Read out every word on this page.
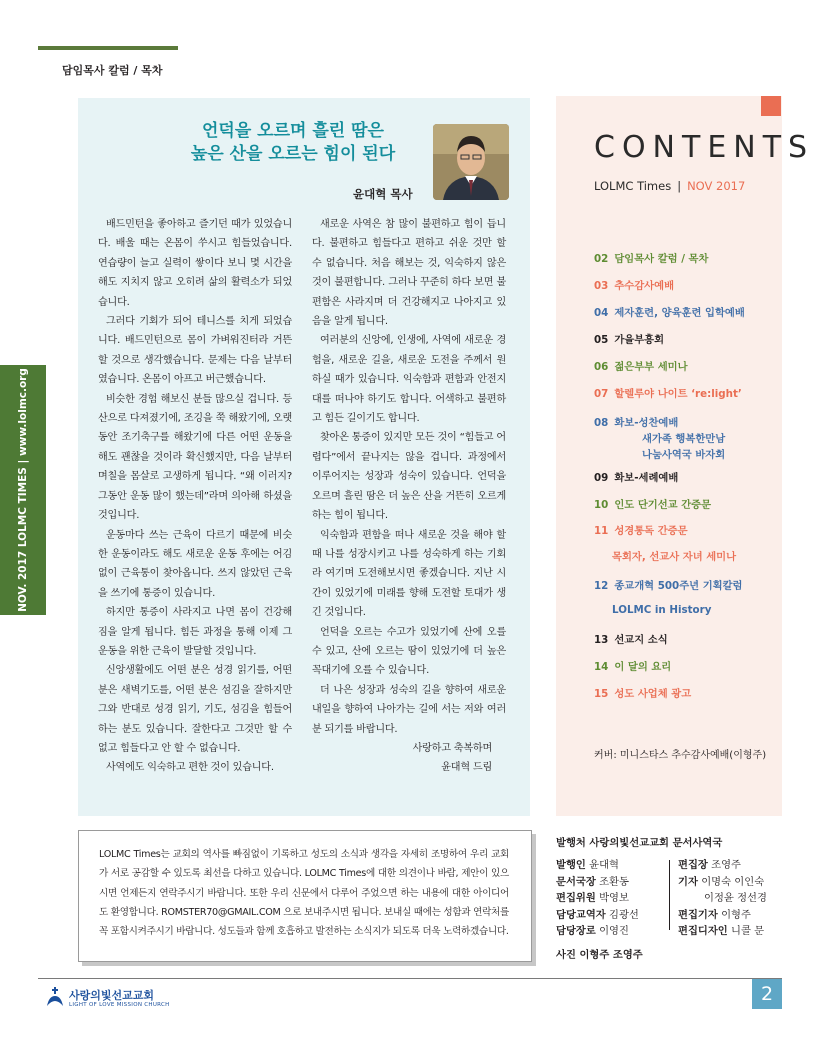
담임목사 칼럼 / 목차
NOV. 2017 LOLMC TIMES | www.lolmc.org
언덕을 오르며 흘린 땀은
높은 산을 오르는 힘이 된다
윤대혁 목사

배드민턴을 좋아하고 즐기던 때가 있었습니다. 배울 때는 온몸이 쑤시고 힘들었습니다. 연습량이 늘고 실력이 쌓이다 보니 몇 시간을 해도 지치지 않고 오히려 삶의 활력소가 되었습니다.

그러다 기회가 되어 테니스를 치게 되었습니다. 배드민턴으로 몸이 가벼워진터라 거뜬할 것으로 생각했습니다. 문제는 다음 날부터였습니다. 온몸이 아프고 버근했습니다.

비슷한 경험 해보신 분들 많으실 겁니다. 등산으로 다져졌기에, 조깅을 쭉 해왔기에, 오랫동안 조기축구를 해왔기에 다른 어떤 운동을 해도 괜찮을 것이라 확신했지만, 다음 날부터 며칠을 몸살로 고생하게 됩니다. “왜 이러지? 그동안 운동 많이 했는데”라며 의아해 하셨을 것입니다.

운동마다 쓰는 근육이 다르기 때문에 비슷한 운동이라도 해도 새로운 운동 후에는 어김없이 근육통이 찾아옵니다. 쓰지 않았던 근육을 쓰기에 통증이 있습니다.

하지만 통증이 사라지고 나면 몸이 건강해짐을 알게 됩니다. 힘든 과정을 통해 이제 그 운동을 위한 근육이 발달할 것입니다.

신앙생활에도 어떤 분은 성경 읽기를, 어떤 분은 새벽기도를, 어떤 분은 섬김을 잘하지만 그와 반대로 성경 읽기, 기도, 섬김을 힘들어하는 분도 있습니다. 잘한다고 그것만 할 수 없고 힘들다고 안 할 수 없습니다.

사역에도 익숙하고 편한 것이 있습니다.

새로운 사역은 참 많이 불편하고 힘이 듭니다. 불편하고 힘들다고 편하고 쉬운 것만 할 수 없습니다. 처음 해보는 것, 익숙하지 않은 것이 불편합니다. 그러나 꾸준히 하다 보면 불편함은 사라지며 더 건강해지고 나아지고 있음을 알게 됩니다.

여러분의 신앙에, 인생에, 사역에 새로운 경험을, 새로운 길을, 새로운 도전을 주께서 원하실 때가 있습니다. 익숙함과 편함과 안전지대를 떠나야 하기도 합니다. 어색하고 불편하고 힘든 길이기도 합니다.

찾아온 통증이 있지만 모든 것이 “힘들고 어렵다”에서 끝나지는 않을 겁니다. 과정에서 이루어지는 성장과 성숙이 있습니다. 언덕을 오르며 흘린 땀은 더 높은 산을 거뜬히 오르게 하는 힘이 됩니다.

익숙함과 편함을 떠나 새로운 것을 해야 할 때 나를 성장시키고 나를 성숙하게 하는 기회라 여기며 도전해보시면 좋겠습니다. 지난 시간이 있었기에 미래를 향해 도전할 토대가 생긴 것입니다.

언덕을 오르는 수고가 있었기에 산에 오를 수 있고, 산에 오르는 땀이 있었기에 더 높은 꼭대기에 오를 수 있습니다.

더 나은 성장과 성숙의 길을 향하여 새로운 내일을 향하여 나아가는 길에 서는 저와 여러분 되기를 바랍니다.

사랑하고 축복하며
윤대혁 드림
CONTENTS
LOLMC Times | NOV 2017
02 담임목사 칼럼 / 목차
03 추수감사예배
04 제자훈련, 양육훈련 입학예배
05 가을부흥회
06 젊은부부 세미나
07 할렐루야 나이트 ‘re:light’
08 화보-성찬예배
새가족 행복한만남
나눔사역국 바자회
09 화보-세례예배
10 인도 단기선교 간증문
11 성경통독 간증문
목회자, 선교사 자녀 세미나
12 종교개혁 500주년 기획칼럼
LOLMC in History
13 선교지 소식
14 이 달의 요리
15 성도 사업체 광고
커버: 미니스타스 추수감사예배(이형주)
LOLMC Times는 교회의 역사를 빠짐없이 기록하고 성도의 소식과 생각을 자세히 조명하여 우리 교회가 서로 공감할 수 있도록 최선을 다하고 있습니다. LOLMC Times에 대한 의견이나 바람, 제안이 있으시면 언제든지 연락주시기 바랍니다. 또한 우리 신문에서 다루어 주었으면 하는 내용에 대한 아이디어도 환영합니다. ROMSTER70@GMAIL.COM 으로 보내주시면 됩니다. 보내실 때에는 성함과 연락처를 꼭 포함시켜주시기 바랍니다. 성도들과 함께 호흡하고 발전하는 소식지가 되도록 더욱 노력하겠습니다.
발행처 사랑의빛선교교회 문서사역국
발행인 윤대혁
문서국장 조환동
편집위원 박영보
담당교역자 김광선
담당장로 이영진
편집장 조영주
기자 이명숙 이인숙
이정윤 정선경
편집기자 이형주
편집디자인 니콜 문
사진 이형주 조영주
사랑의빛선교교회
LIGHT OF LOVE MISSION CHURCH	2
